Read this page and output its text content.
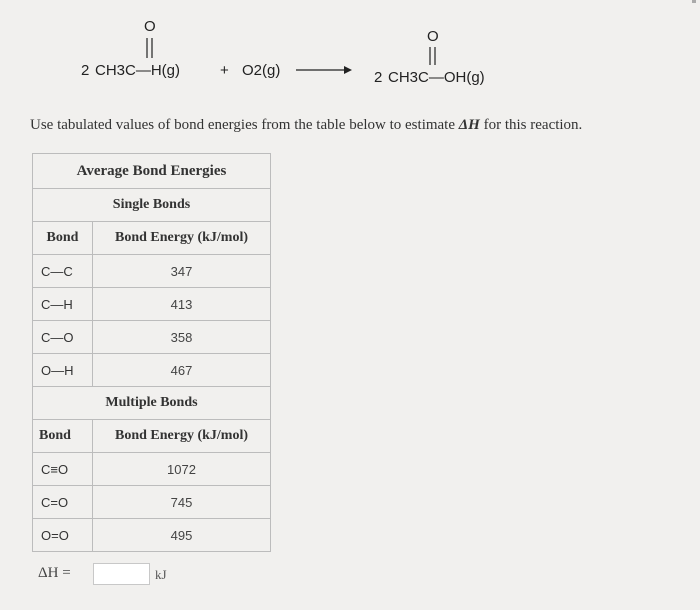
O
2 CH3C—H(g)	+ O2(g)
O
2 CH3C—OH(g)
Use tabulated values of bond energies from the table below to estimate ΔH for this reaction.
Average Bond Energies	
Single Bonds	
Bond	Bond Energy (kJ/mol)
C—C	347
C—H	413
C—O	358
O—H	467
Multiple Bonds	
Bond	Bond Energy (kJ/mol)
C≡O	1072
C=O	745
O=O	495
ΔH =	kJ
